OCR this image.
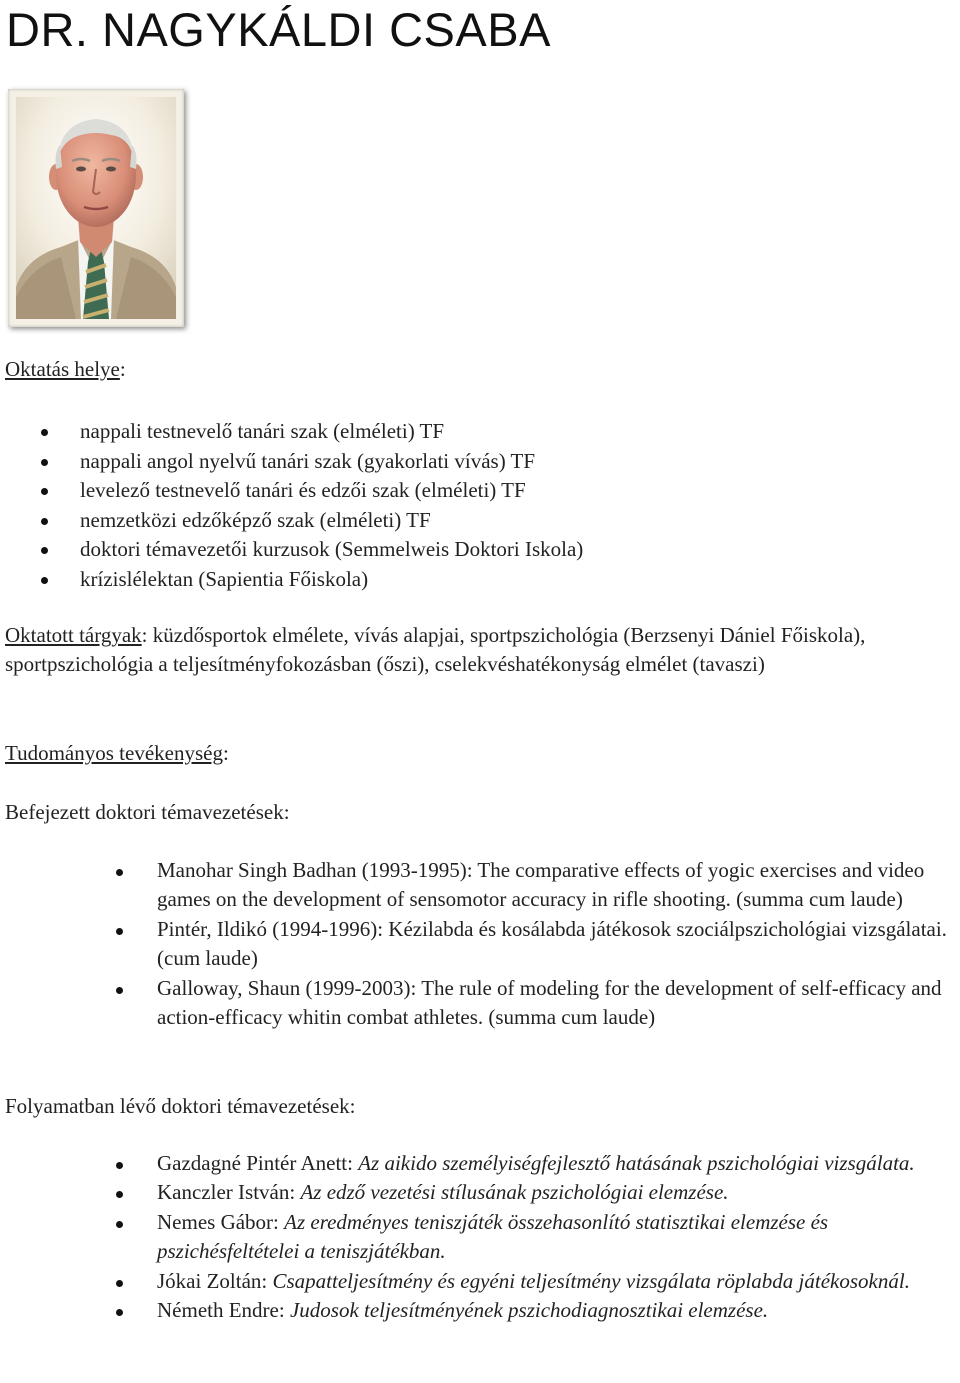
DR. NAGYKÁLDI CSABA
Oktatás helye:
nappali testnevelő tanári szak (elméleti) TF
nappali angol nyelvű tanári szak (gyakorlati vívás) TF
levelező testnevelő tanári és edzői szak (elméleti) TF
nemzetközi edzőképző szak (elméleti) TF
doktori témavezetői kurzusok (Semmelweis Doktori Iskola)
krízislélektan (Sapientia Főiskola)
Oktatott tárgyak: küzdősportok elmélete, vívás alapjai, sportpszichológia (Berzsenyi Dániel Főiskola), sportpszichológia a teljesítményfokozásban (őszi), cselekvéshatékonyság elmélet (tavaszi)
Tudományos tevékenység:
Befejezett doktori témavezetések:
Manohar Singh Badhan (1993-1995): The comparative effects of yogic exercises and video games on the development of sensomotor accuracy in rifle shooting. (summa cum laude)
Pintér, Ildikó (1994-1996): Kézilabda és kosálabda játékosok szociálpszichológiai vizsgálatai. (cum laude)
Galloway, Shaun (1999-2003): The rule of modeling for the development of self-efficacy and action-efficacy whitin combat athletes. (summa cum laude)
Folyamatban lévő doktori témavezetések:
Gazdagné Pintér Anett: Az aikido személyiségfejlesztő hatásának pszichológiai vizsgálata.
Kanczler István: Az edző vezetési stílusának pszichológiai elemzése.
Nemes Gábor: Az eredményes teniszjáték összehasonlító statisztikai elemzése és pszichésfeltételei a teniszjátékban.
Jókai Zoltán: Csapatteljesítmény és egyéni teljesítmény vizsgálata röplabda játékosoknál.
Németh Endre: Judosok teljesítményének pszichodiagnosztikai elemzése.
